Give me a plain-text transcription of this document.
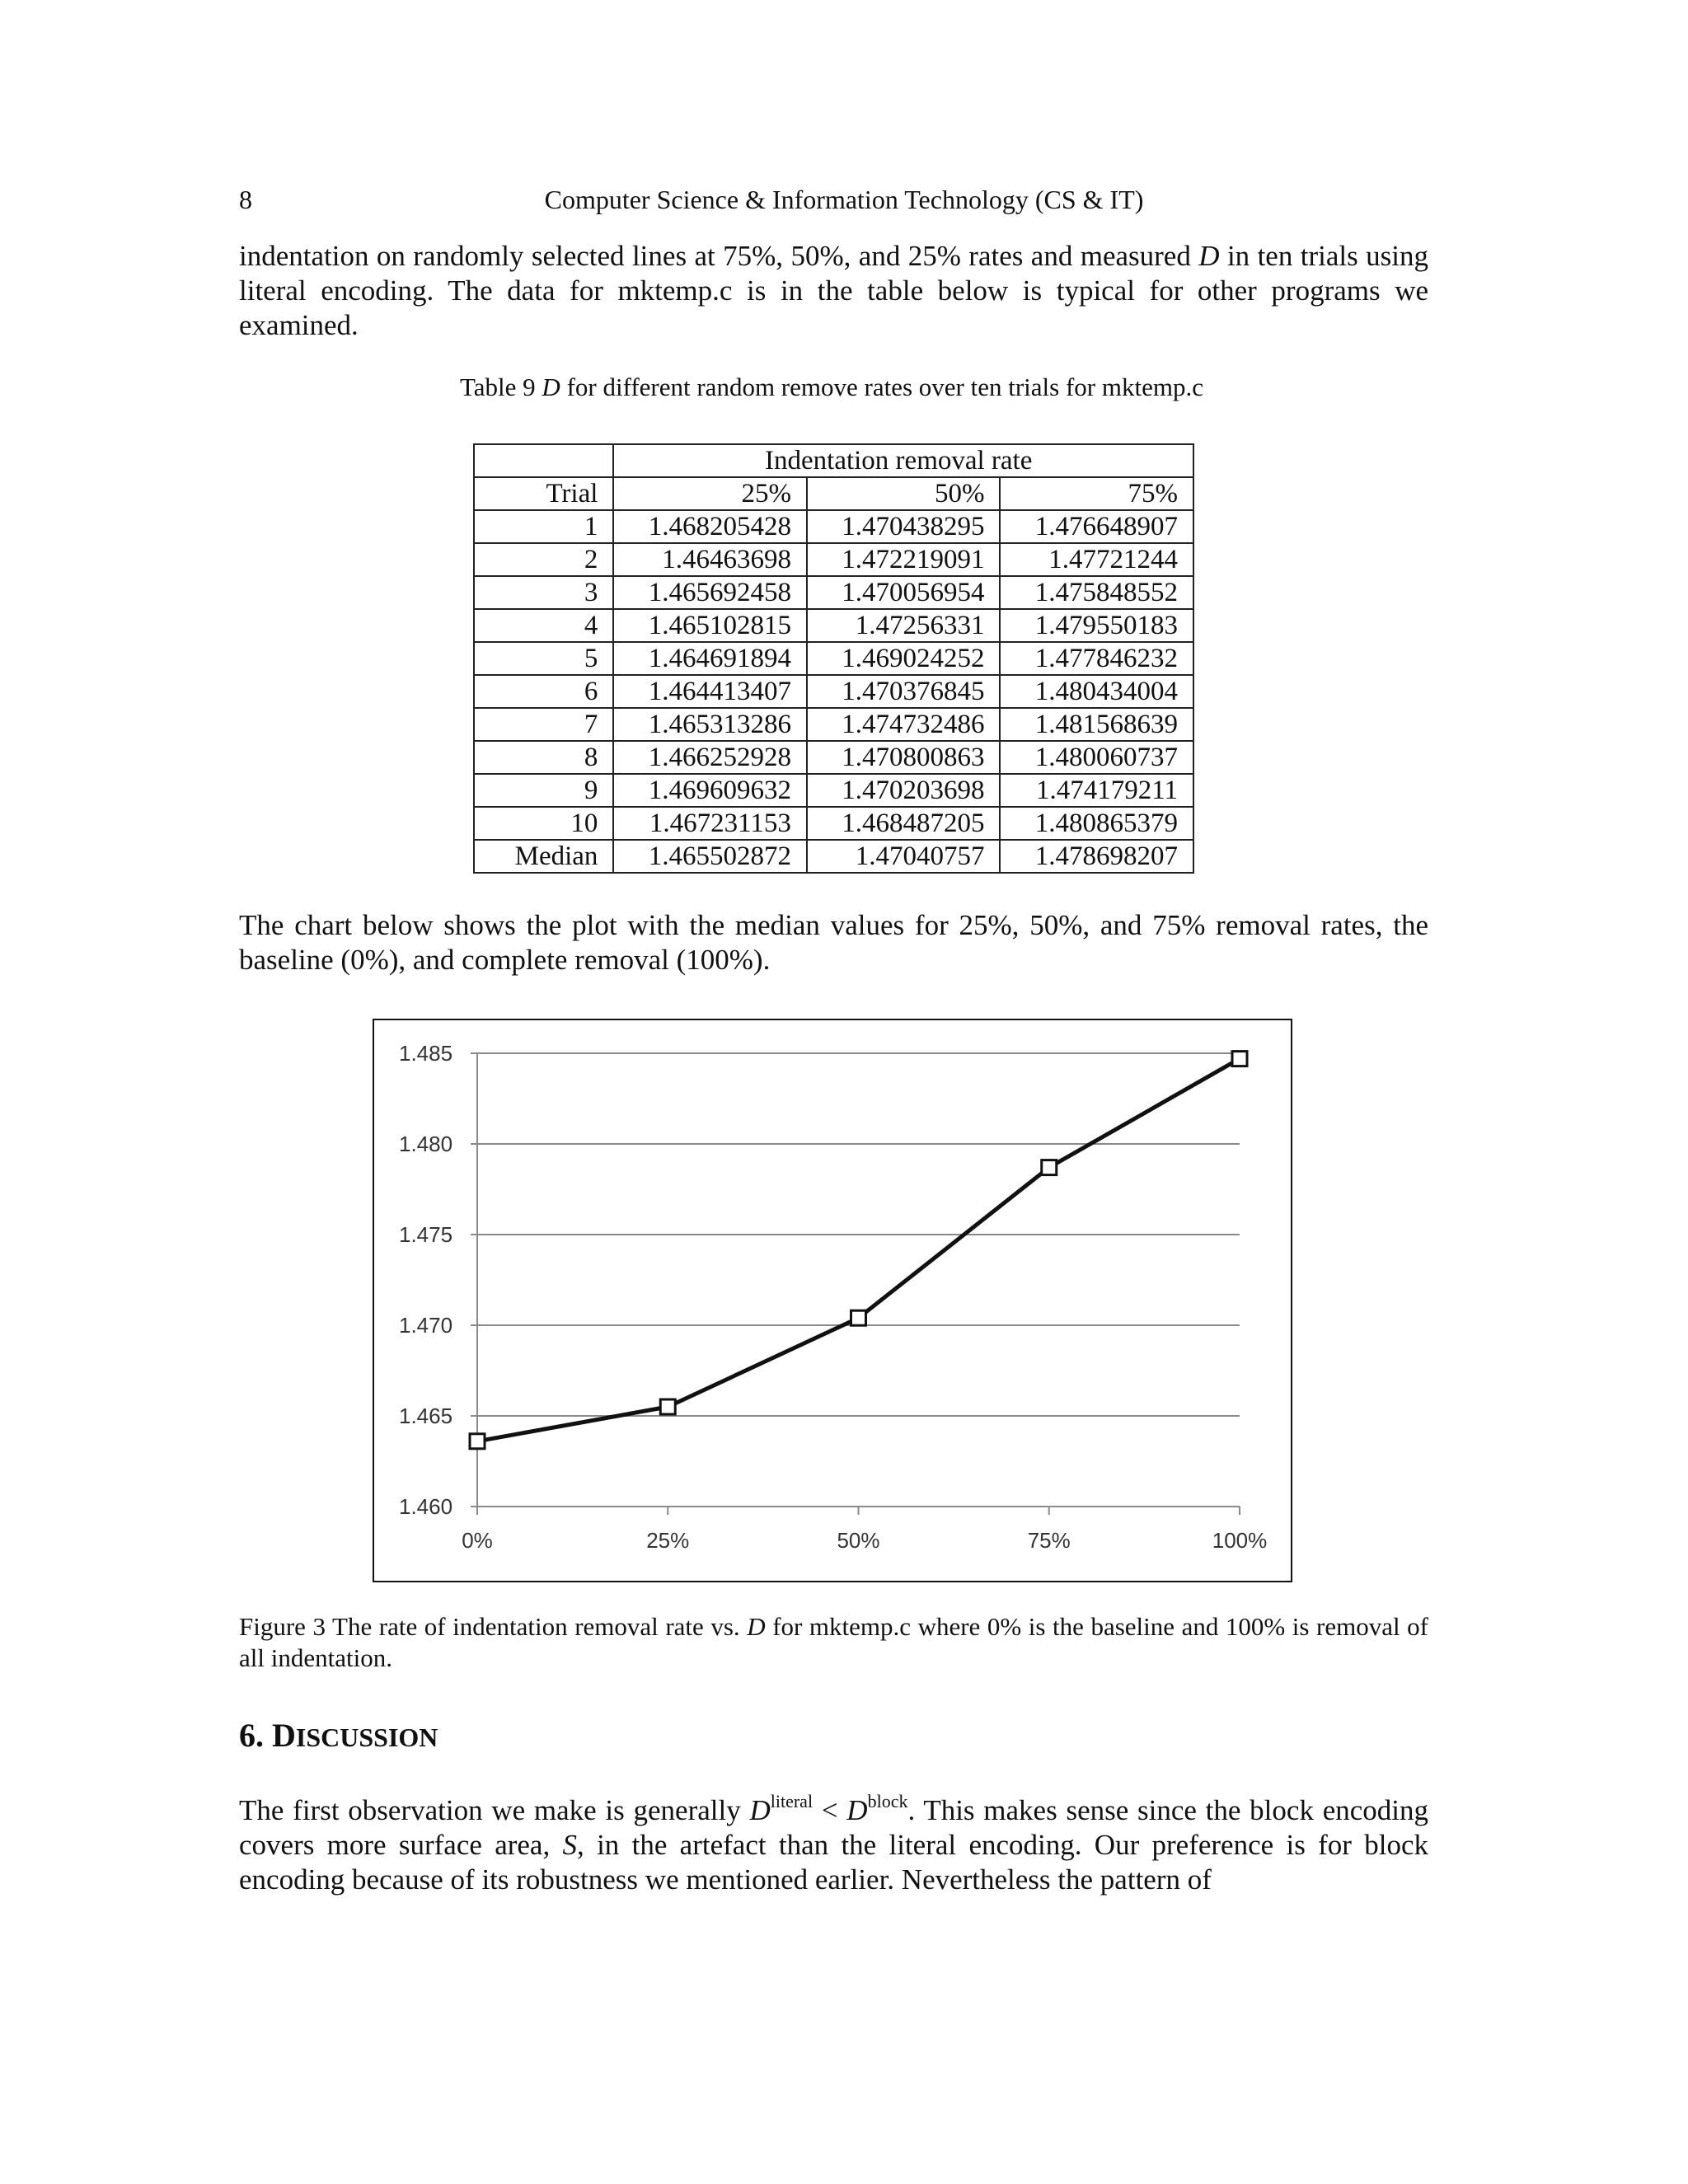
8	Computer Science & Information Technology (CS & IT)
indentation on randomly selected lines at 75%, 50%, and 25% rates and measured D in ten trials using literal encoding. The data for mktemp.c is in the table below is typical for other programs we examined.
Table 9 D for different random remove rates over ten trials for mktemp.c
	Indentation removal rate		
Trial	25%	50%	75%
1	1.468205428	1.470438295	1.476648907
2	1.46463698	1.472219091	1.47721244
3	1.465692458	1.470056954	1.475848552
4	1.465102815	1.47256331	1.479550183
5	1.464691894	1.469024252	1.477846232
6	1.464413407	1.470376845	1.480434004
7	1.465313286	1.474732486	1.481568639
8	1.466252928	1.470800863	1.480060737
9	1.469609632	1.470203698	1.474179211
10	1.467231153	1.468487205	1.480865379
Median	1.465502872	1.47040757	1.478698207
The chart below shows the plot with the median values for 25%, 50%, and 75% removal rates, the baseline (0%), and complete removal (100%).
1.460
1.465
1.470
1.475
1.480
1.485
0%	25%	50%	75%	100%
Figure 3 The rate of indentation removal rate vs. D for mktemp.c where 0% is the baseline and 100% is removal of all indentation.
6. DISCUSSION
The first observation we make is generally $D^{literal} < D^{block}$. This makes sense since the block encoding covers more surface area, S, in the artefact than the literal encoding. Our preference is for block encoding because of its robustness we mentioned earlier. Nevertheless the pattern of
